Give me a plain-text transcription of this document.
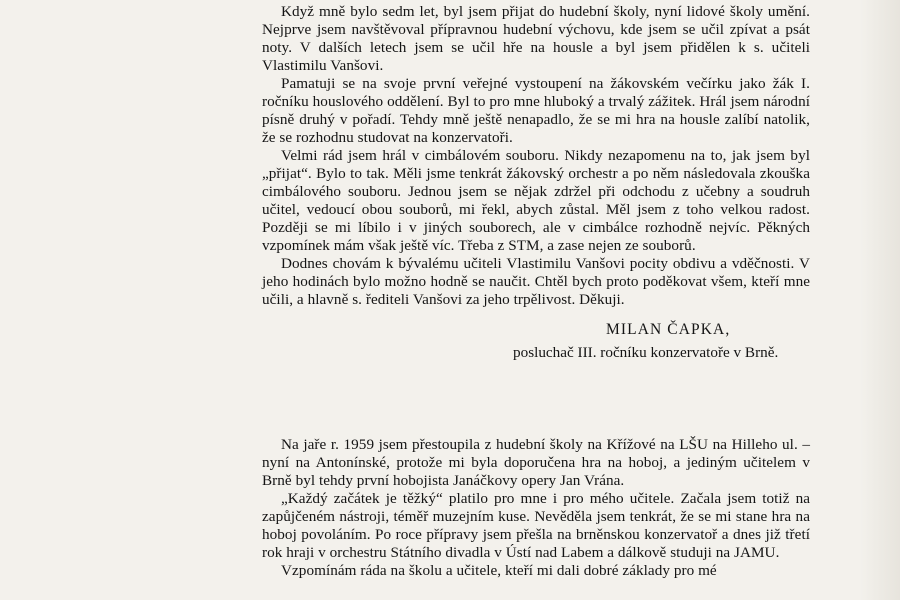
Když mně bylo sedm let, byl jsem přijat do hudební školy, nyní lidové školy umění. Nejprve jsem navštěvoval přípravnou hudební výchovu, kde jsem se učil zpívat a psát noty. V dalších letech jsem se učil hře na housle a byl jsem přidělen k s. učiteli Vlastimilu Vanšovi.

Pamatuji se na svoje první veřejné vystoupení na žákovském večírku jako žák I. ročníku houslového oddělení. Byl to pro mne hluboký a trvalý zážitek. Hrál jsem národní písně druhý v pořadí. Tehdy mně ještě nenapadlo, že se mi hra na housle zalíbí natolik, že se rozhodnu studovat na konzervatoři.

Velmi rád jsem hrál v cimbálovém souboru. Nikdy nezapomenu na to, jak jsem byl „přijat“. Bylo to tak. Měli jsme tenkrát žákovský orchestr a po něm následovala zkouška cimbálového souboru. Jednou jsem se nějak zdržel při odchodu z učebny a soudruh učitel, vedoucí obou souborů, mi řekl, abych zůstal. Měl jsem z toho velkou radost. Později se mi líbilo i v jiných souborech, ale v cimbálce rozhodně nejvíc. Pěkných vzpomínek mám však ještě víc. Třeba z STM, a zase nejen ze souborů.

Dodnes chovám k bývalému učiteli Vlastimilu Vanšovi pocity obdivu a vděčnosti. V jeho hodinách bylo možno hodně se naučit. Chtěl bych proto poděkovat všem, kteří mne učili, a hlavně s. řediteli Vanšovi za jeho trpělivost. Děkuji.

MILAN ČAPKA,
posluchač III. ročníku konzervatoře v Brně.

Na jaře r. 1959 jsem přestoupila z hudební školy na Křížové na LŠU na Hilleho ul. – nyní na Antonínské, protože mi byla doporučena hra na hoboj, a jediným učitelem v Brně byl tehdy první hobojista Janáčkovy opery Jan Vrána.

„Každý začátek je těžký“ platilo pro mne i pro mého učitele. Začala jsem totiž na zapůjčeném nástroji, téměř muzejním kuse. Nevěděla jsem tenkrát, že se mi stane hra na hoboj povoláním. Po roce přípravy jsem přešla na brněnskou konzervatoř a dnes již třetí rok hraji v orchestru Státního divadla v Ústí nad Labem a dálkově studuji na JAMU.

Vzpomínám ráda na školu a učitele, kteří mi dali dobré základy pro mé
